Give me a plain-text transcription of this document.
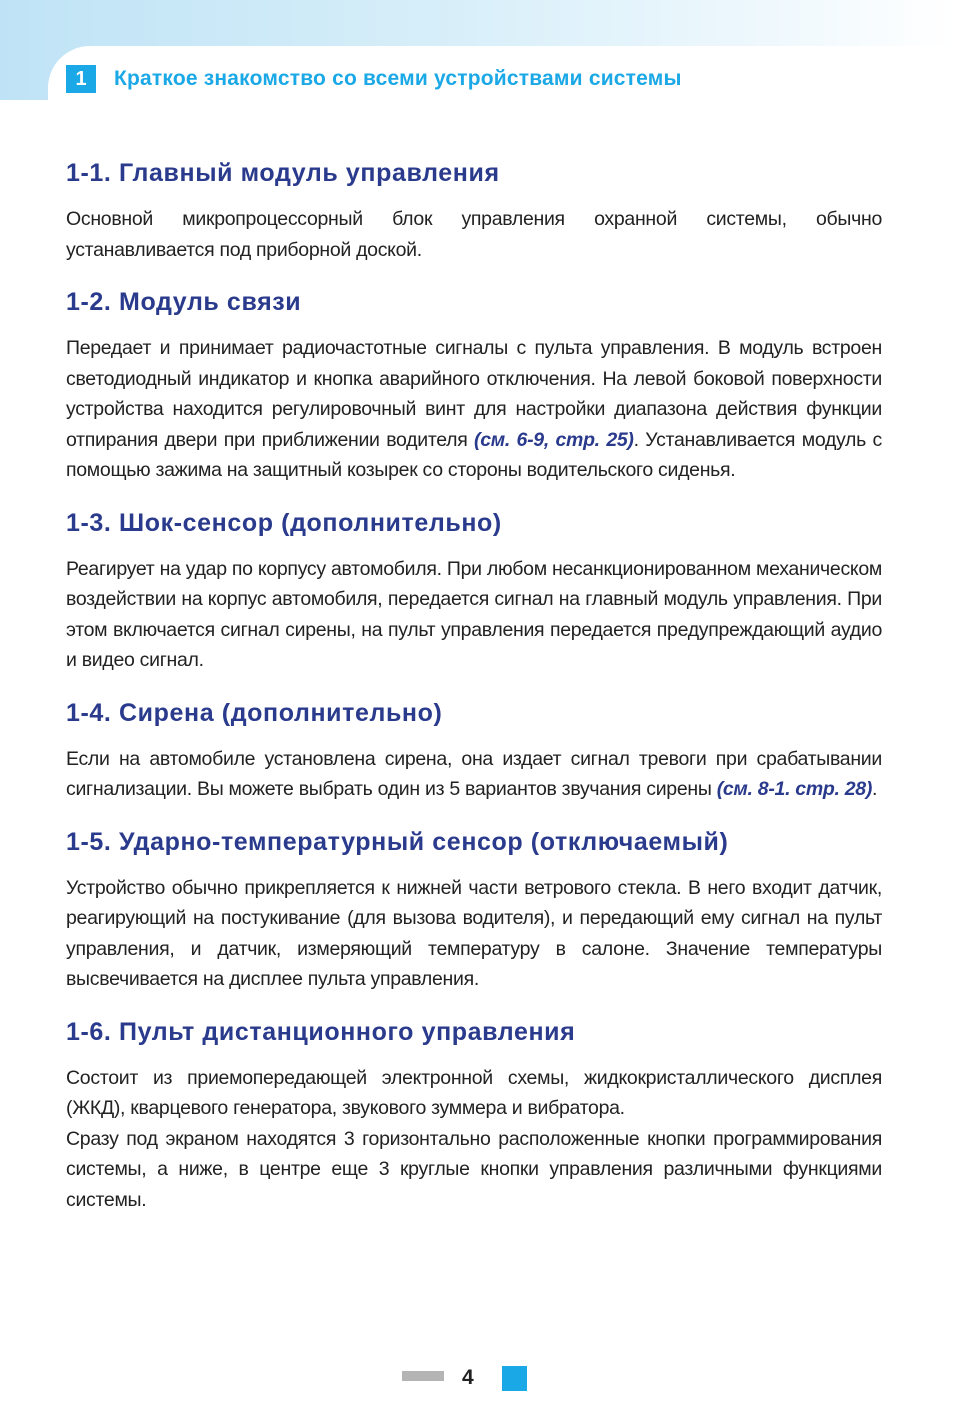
1	Краткое знакомство со всеми устройствами системы
1-1. Главный модуль управления

Основной микропроцессорный блок управления охранной системы, обычно устанавливается под приборной доской.

1-2. Модуль связи

Передает и принимает радиочастотные сигналы с пульта управления. В модуль встроен светодиодный индикатор и кнопка аварийного отключения. На левой боковой поверхности устройства находится регулировочный винт для настройки диапазона действия функции отпирания двери при приближении водителя (см. 6-9, стр. 25). Устанавливается модуль с помощью зажима на защитный козырек со стороны водительского сиденья.

1-3. Шок-сенсор (дополнительно)

Реагирует на удар по корпусу автомобиля. При любом несанкционированном механическом воздействии на корпус автомобиля, передается сигнал на главный модуль управления. При этом включается сигнал сирены, на пульт управления передается предупреждающий аудио и видео сигнал.

1-4. Сирена (дополнительно)

Если на автомобиле установлена сирена, она издает сигнал тревоги при срабатывании сигнализации. Вы можете выбрать один из 5 вариантов звучания сирены (см. 8-1. стр. 28).

1-5. Ударно-температурный сенсор (отключаемый)

Устройство обычно прикрепляется к нижней части ветрового стекла. В него входит датчик, реагирующий на постукивание (для вызова водителя), и передающий ему сигнал на пульт управления, и датчик, измеряющий температуру в салоне. Значение температуры высвечивается на дисплее пульта управления.

1-6. Пульт дистанционного управления

Состоит из приемопередающей электронной схемы, жидкокристаллического дисплея (ЖКД), кварцевого генератора, звукового зуммера и вибратора.

Сразу под экраном находятся 3 горизонтально расположенные кнопки программирования системы, а ниже, в центре еще 3 круглые кнопки управления различными функциями системы.

4
